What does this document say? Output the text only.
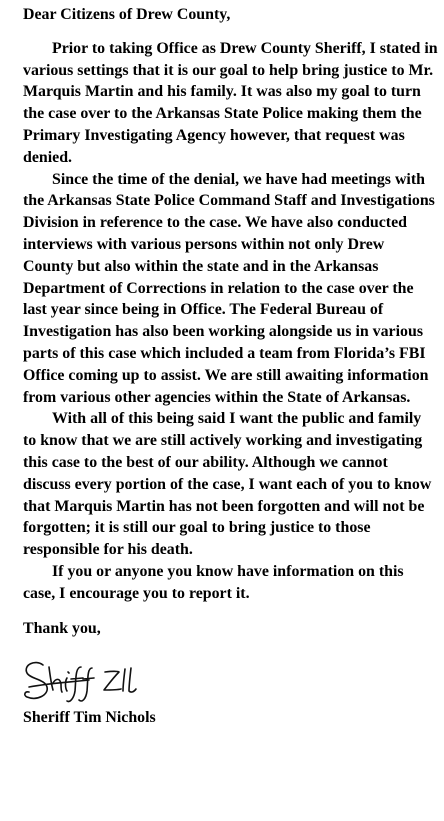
Dear Citizens of Drew County,

Prior to taking Office as Drew County Sheriff, I stated in various settings that it is our goal to help bring justice to Mr. Marquis Martin and his family. It was also my goal to turn the case over to the Arkansas State Police making them the Primary Investigating Agency however, that request was denied.

Since the time of the denial, we have had meetings with the Arkansas State Police Command Staff and Investigations Division in reference to the case. We have also conducted interviews with various persons within not only Drew County but also within the state and in the Arkansas Department of Corrections in relation to the case over the last year since being in Office. The Federal Bureau of Investigation has also been working alongside us in various parts of this case which included a team from Florida’s FBI Office coming up to assist. We are still awaiting information from various other agencies within the State of Arkansas.

With all of this being said I want the public and family to know that we are still actively working and investigating this case to the best of our ability. Although we cannot discuss every portion of the case, I want each of you to know that Marquis Martin has not been forgotten and will not be forgotten; it is still our goal to bring justice to those responsible for his death.

If you or anyone you know have information on this case, I encourage you to report it.

Thank you,

Sheriff Tim Nichols
